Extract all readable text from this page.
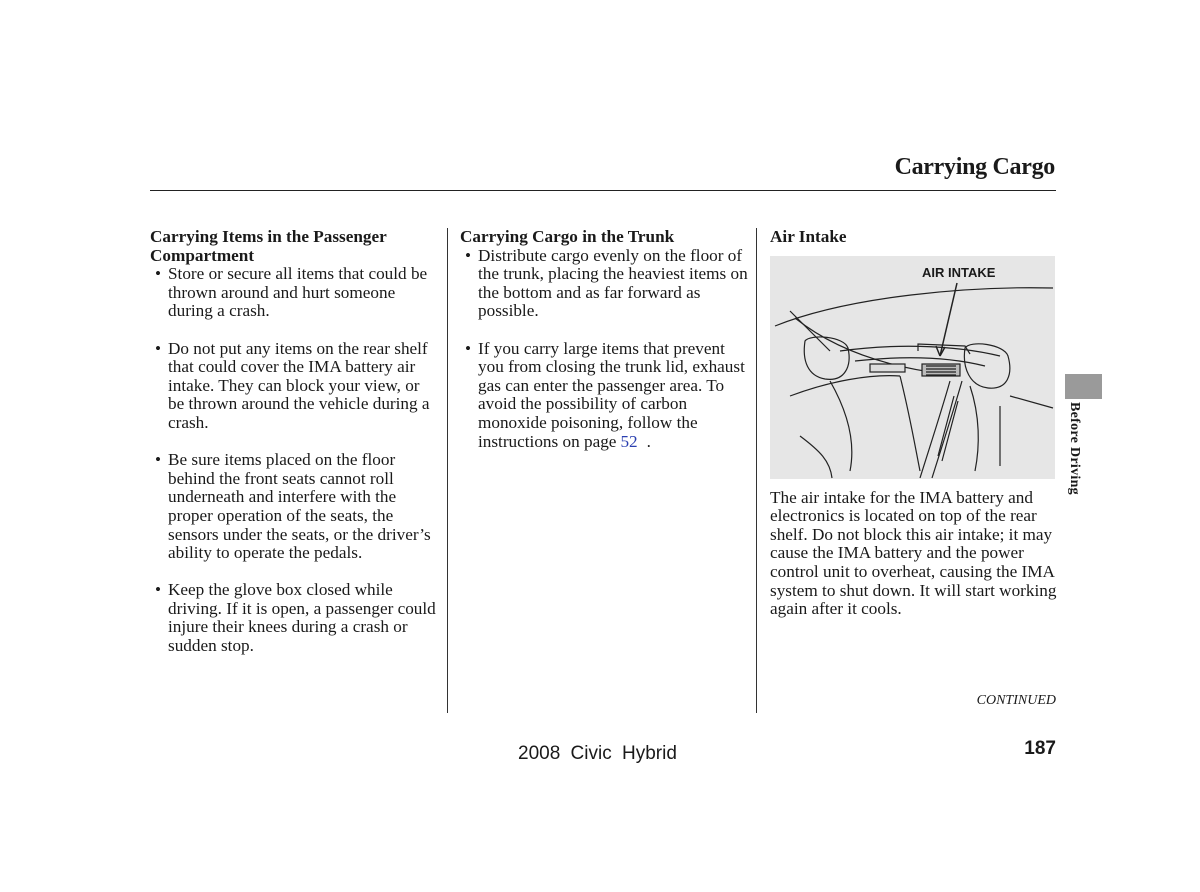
Carrying Cargo

Carrying Items in the Passenger
Compartment

• Store or secure all items that could be thrown around and hurt someone during a crash.
• Do not put any items on the rear shelf that could cover the IMA battery air intake. They can block your view, or be thrown around the vehicle during a crash.
• Be sure items placed on the floor behind the front seats cannot roll underneath and interfere with the proper operation of the seats, the sensors under the seats, or the driver’s ability to operate the pedals.
• Keep the glove box closed while driving. If it is open, a passenger could injure their knees during a crash or sudden stop.

Carrying Cargo in the Trunk

• Distribute cargo evenly on the floor of the trunk, placing the heaviest items on the bottom and as far forward as possible.
• If you carry large items that prevent you from closing the trunk lid, exhaust gas can enter the passenger area. To avoid the possibility of carbon monoxide poisoning, follow the instructions on page 52 .

Air Intake

AIR INTAKE

The air intake for the IMA battery and electronics is located on top of the rear shelf. Do not block this air intake; it may cause the IMA battery and the power control unit to overheat, causing the IMA system to shut down. It will start working again after it cools.

CONTINUED
2008 Civic Hybrid	187
Before Driving
